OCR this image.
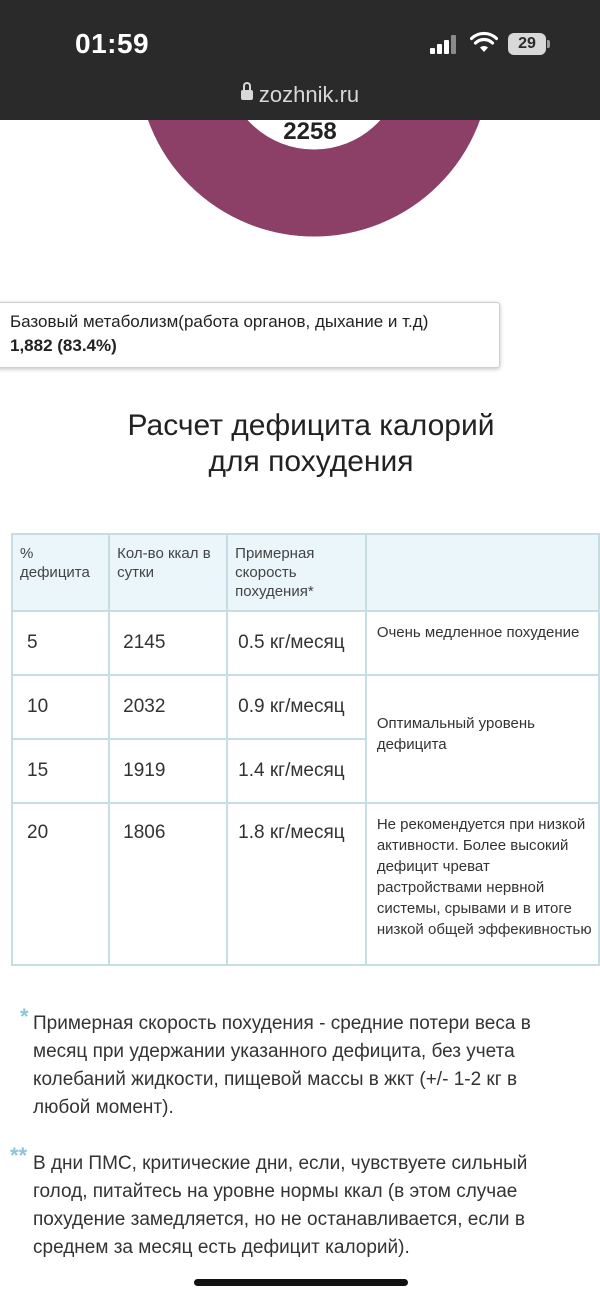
01:59	29
zozhnik.ru
2258
83.4%
Базовый метаболизм(работа органов, дыхание и т.д)
1,882 (83.4%)
Расчет дефицита калорий
для похудения
% дефицита	Кол-во ккал в сутки	Примерная скорость похудения*	
5	2145	0.5 кг/месяц	Очень медленное похудение
10	2032	0.9 кг/месяц	Оптимальный уровень дефицита
15	1919	1.4 кг/месяц	
20	1806	1.8 кг/месяц	Не рекомендуется при низкой активности. Более высокий дефицит чреват растройствами нервной системы, срывами и в итоге низкой общей эффекивностью
* Примерная скорость похудения - средние потери веса в месяц при удержании указанного дефицита, без учета колебаний жидкости, пищевой массы в жкт (+/- 1-2 кг в любой момент).
** В дни ПМС, критические дни, если, чувствуете сильный голод, питайтесь на уровне нормы ккал (в этом случае похудение замедляется, но не останавливается, если в среднем за месяц есть дефицит калорий).
